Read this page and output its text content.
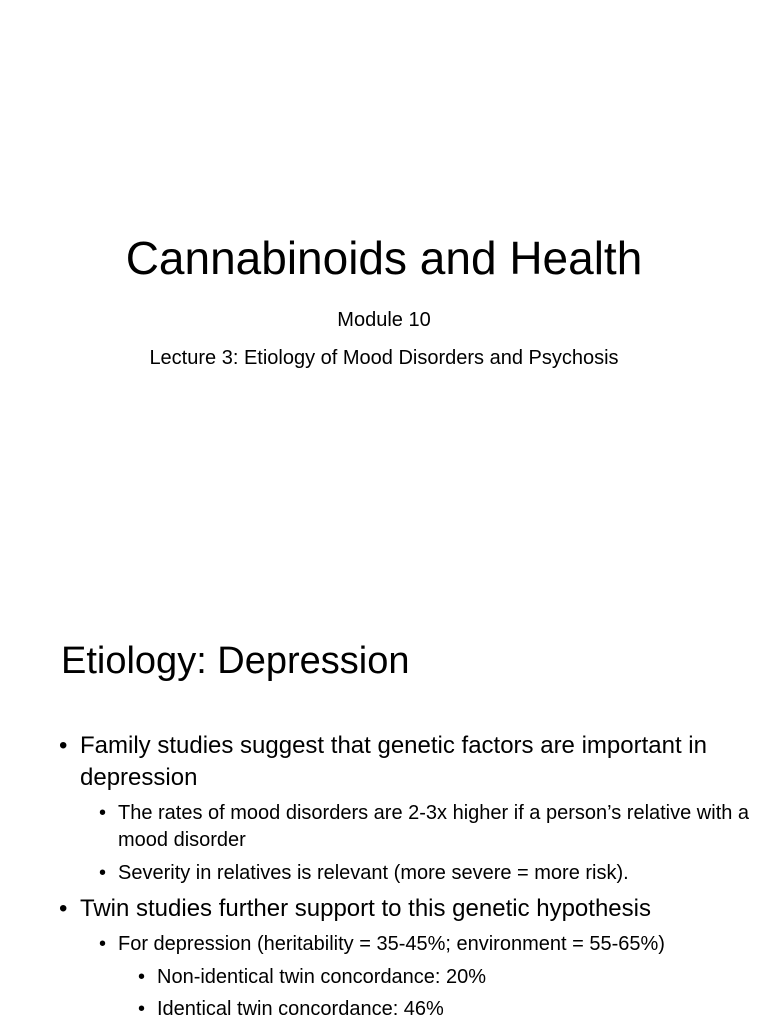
Cannabinoids and Health

Module 10

Lecture 3: Etiology of Mood Disorders and Psychosis

Etiology: Depression
• Family studies suggest that genetic factors are important in depression
• The rates of mood disorders are 2-3x higher if a person’s relative with a mood disorder
• Severity in relatives is relevant (more severe = more risk).
• Twin studies further support to this genetic hypothesis
• For depression (heritability = 35-45%; environment = 55-65%)
• Non-identical twin concordance: 20%
• Identical twin concordance: 46%
